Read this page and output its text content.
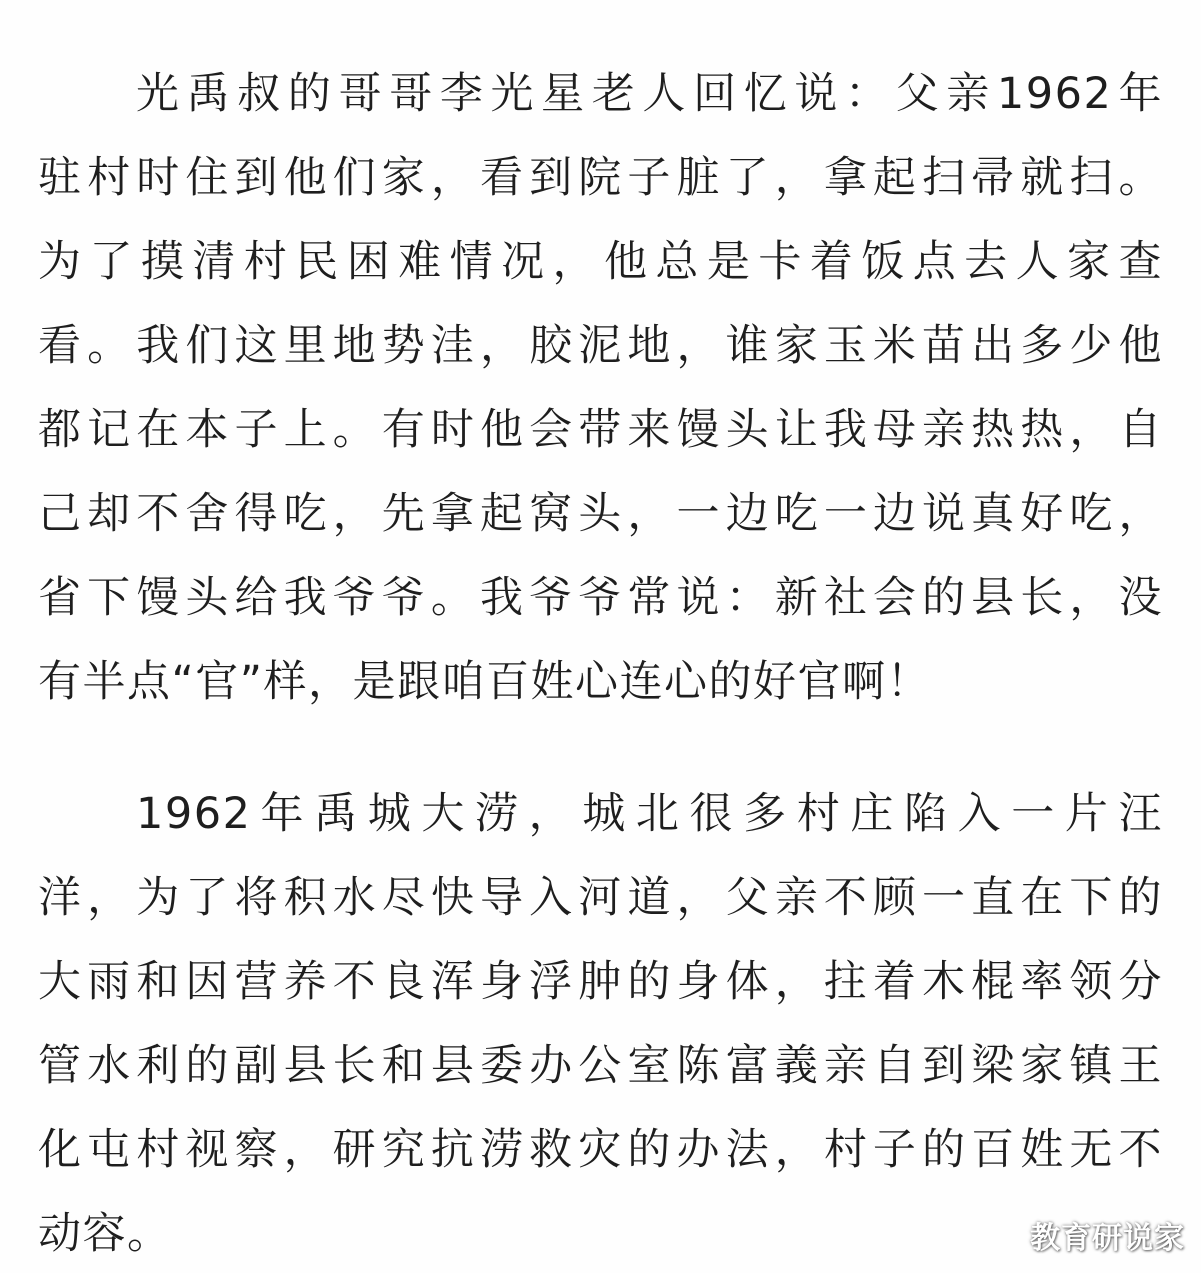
光禹叔的哥哥李光星老人回忆说：父亲1962年
驻村时住到他们家，看到院子脏了，拿起扫帚就扫。
为了摸清村民困难情况，他总是卡着饭点去人家查
看。我们这里地势洼，胶泥地，谁家玉米苗出多少他
都记在本子上。有时他会带来馒头让我母亲热热，自
己却不舍得吃，先拿起窝头，一边吃一边说真好吃，
省下馒头给我爷爷。我爷爷常说：新社会的县长，没
有半点“官”样，是跟咱百姓心连心的好官啊！
1962年禹城大涝，城北很多村庄陷入一片汪
洋，为了将积水尽快导入河道，父亲不顾一直在下的
大雨和因营养不良浑身浮肿的身体，拄着木棍率领分
管水利的副县长和县委办公室陈富義亲自到梁家镇王
化屯村视察，研究抗涝救灾的办法，村子的百姓无不
动容。	教育研说家
